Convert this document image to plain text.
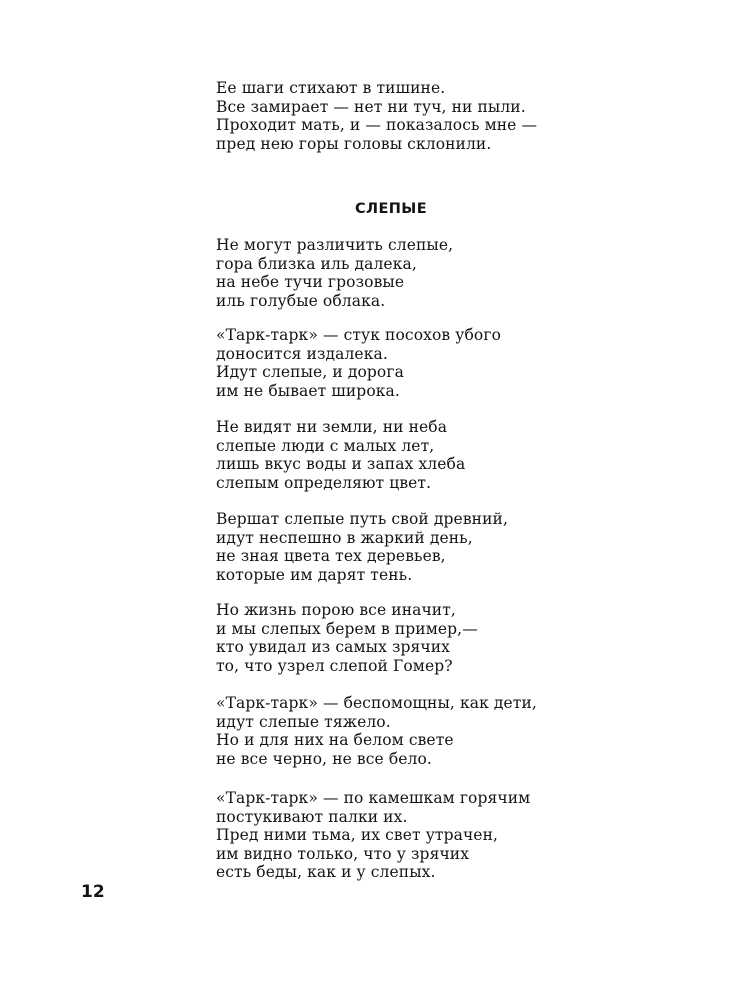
Ее шаги стихают в тишине.
Все замирает — нет ни туч, ни пыли.
Проходит мать, и — показалось мне —
пред нею горы головы склонили.
СЛЕПЫЕ
Не могут различить слепые,
гора близка иль далека,
на небе тучи грозовые
иль голубые облака.
«Тарк-тарк» — стук посохов убого
доносится издалека.
Идут слепые, и дорога
им не бывает широка.
Не видят ни земли, ни неба
слепые люди с малых лет,
лишь вкус воды и запах хлеба
слепым определяют цвет.
Вершат слепые путь свой древний,
идут неспешно в жаркий день,
не зная цвета тех деревьев,
которые им дарят тень.
Но жизнь порою все иначит,
и мы слепых берем в пример,—
кто увидал из самых зрячих
то, что узрел слепой Гомер?
«Тарк-тарк» — беспомощны, как дети,
идут слепые тяжело.
Но и для них на белом свете
не все черно, не все бело.
«Тарк-тарк» — по камешкам горячим
постукивают палки их.
Пред ними тьма, их свет утрачен,
им видно только, что у зрячих
есть беды, как и у слепых.
12
